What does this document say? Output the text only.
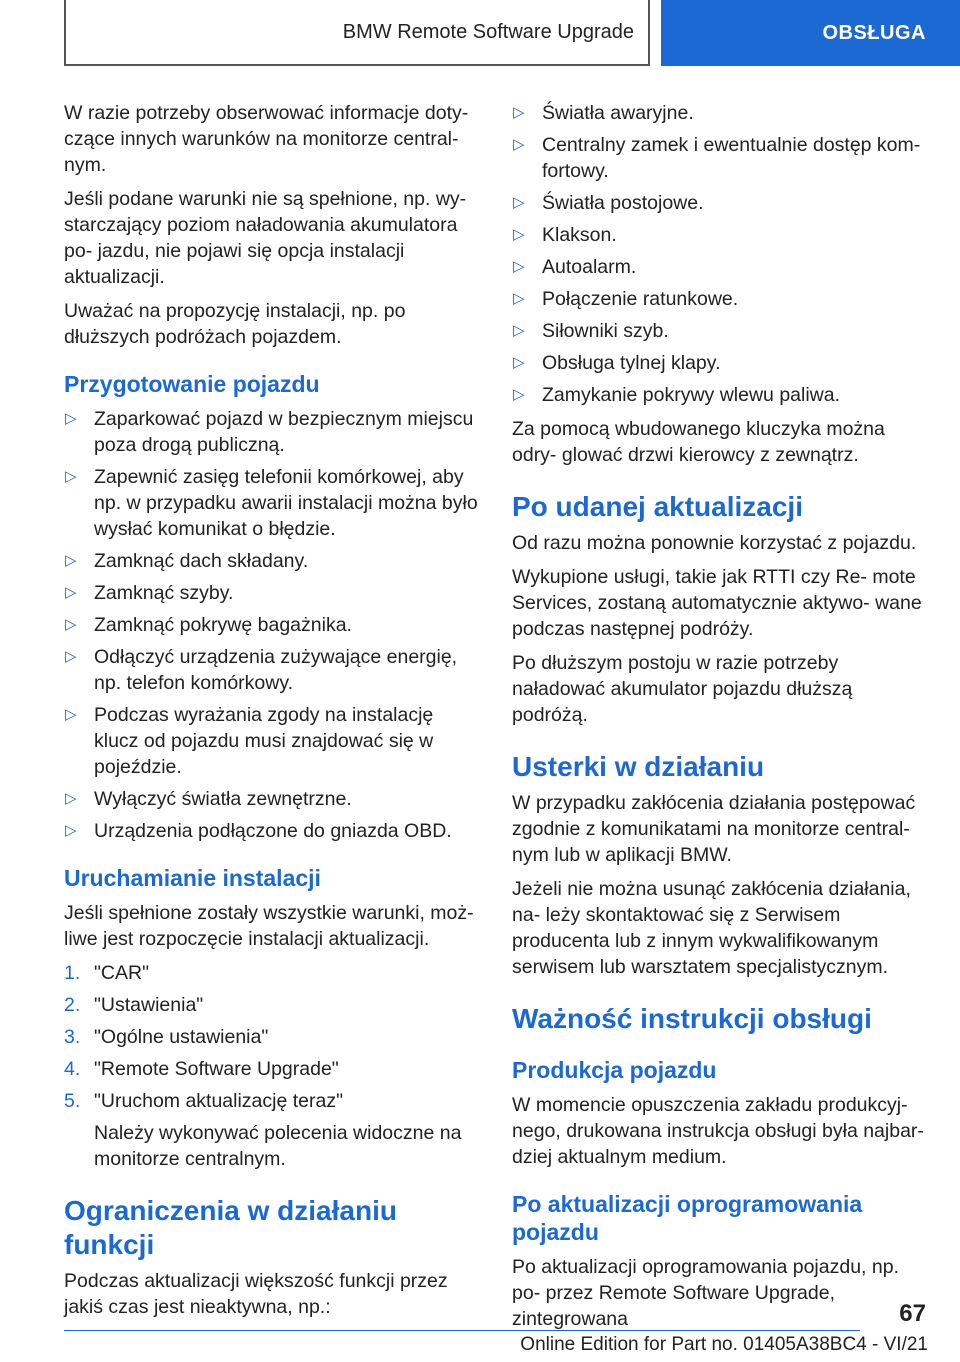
BMW Remote Software Upgrade	OBSŁUGA

W razie potrzeby obserwować informacje doty‐ czące innych warunków na monitorze central‐ nym.

Jeśli podane warunki nie są spełnione, np. wy‐ starczający poziom naładowania akumulatora po‐ jazdu, nie pojawi się opcja instalacji aktualizacji.

Uważać na propozycję instalacji, np. po dłuższych podróżach pojazdem.

Przygotowanie pojazdu
▷ Zaparkować pojazd w bezpiecznym miejscu poza drogą publiczną.
▷ Zapewnić zasięg telefonii komórkowej, aby np. w przypadku awarii instalacji można było wysłać komunikat o błędzie.
▷ Zamknąć dach składany.
▷ Zamknąć szyby.
▷ Zamknąć pokrywę bagażnika.
▷ Odłączyć urządzenia zużywające energię, np. telefon komórkowy.
▷ Podczas wyrażania zgody na instalację klucz od pojazdu musi znajdować się w pojeździe.
▷ Wyłączyć światła zewnętrzne.
▷ Urządzenia podłączone do gniazda OBD.
Uruchamianie instalacji

Jeśli spełnione zostały wszystkie warunki, moż‐ liwe jest rozpoczęcie instalacji aktualizacji.

1. "CAR"
2. "Ustawienia"
3. "Ogólne ustawienia"
4. "Remote Software Upgrade"
5. "Uruchom aktualizację teraz"
Należy wykonywać polecenia widoczne na monitorze centralnym.
Ograniczenia w działaniu funkcji

Podczas aktualizacji większość funkcji przez jakiś czas jest nieaktywna, np.:

▷ Światła awaryjne.
▷ Centralny zamek i ewentualnie dostęp kom‐ fortowy.
▷ Światła postojowe.
▷ Klakson.
▷ Autoalarm.
▷ Połączenie ratunkowe.
▷ Siłowniki szyb.
▷ Obsługa tylnej klapy.
▷ Zamykanie pokrywy wlewu paliwa.

Za pomocą wbudowanego kluczyka można odry‐ glować drzwi kierowcy z zewnątrz.

Po udanej aktualizacji

Od razu można ponownie korzystać z pojazdu.

Wykupione usługi, takie jak RTTI czy Re‐ mote Services, zostaną automatycznie aktywo‐ wane podczas następnej podróży.

Po dłuższym postoju w razie potrzeby naładować akumulator pojazdu dłuższą podróżą.

Usterki w działaniu

W przypadku zakłócenia działania postępować zgodnie z komunikatami na monitorze central‐ nym lub w aplikacji BMW.

Jeżeli nie można usunąć zakłócenia działania, na‐ leży skontaktować się z Serwisem producenta lub z innym wykwalifikowanym serwisem lub warsztatem specjalistycznym.

Ważność instrukcji obsługi
Produkcja pojazdu

W momencie opuszczenia zakładu produkcyj‐ nego, drukowana instrukcja obsługi była najbar‐ dziej aktualnym medium.

Po aktualizacji oprogramowania pojazdu

Po aktualizacji oprogramowania pojazdu, np. po‐ przez Remote Software Upgrade, zintegrowana	67
Online Edition for Part no. 01405A38BC4 - VI/21
